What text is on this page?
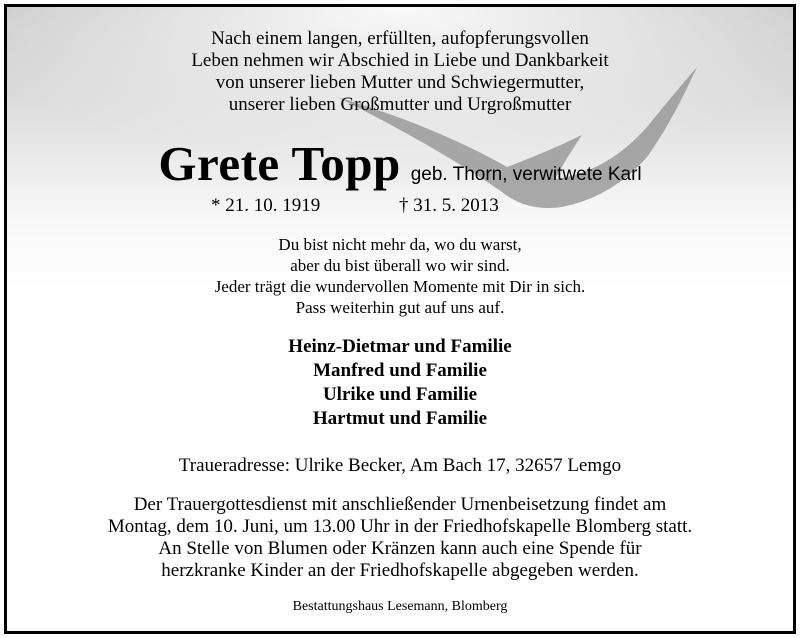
Nach einem langen, erfüllten, aufopferungsvollen
Leben nehmen wir Abschied in Liebe und Dankbarkeit
von unserer lieben Mutter und Schwiegermutter,
unserer lieben Großmutter und Urgroßmutter
Grete Topp geb. Thorn, verwitwete Karl
* 21. 10. 1919	† 31. 5. 2013
Du bist nicht mehr da, wo du warst,
aber du bist überall wo wir sind.
Jeder trägt die wundervollen Momente mit Dir in sich.
Pass weiterhin gut auf uns auf.
Heinz-Dietmar und Familie
Manfred und Familie
Ulrike und Familie
Hartmut und Familie
Traueradresse: Ulrike Becker, Am Bach 17, 32657 Lemgo
Der Trauergottesdienst mit anschließender Urnenbeisetzung findet am
Montag, dem 10. Juni, um 13.00 Uhr in der Friedhofskapelle Blomberg statt.
An Stelle von Blumen oder Kränzen kann auch eine Spende für
herzkranke Kinder an der Friedhofskapelle abgegeben werden.
Bestattungshaus Lesemann, Blomberg
